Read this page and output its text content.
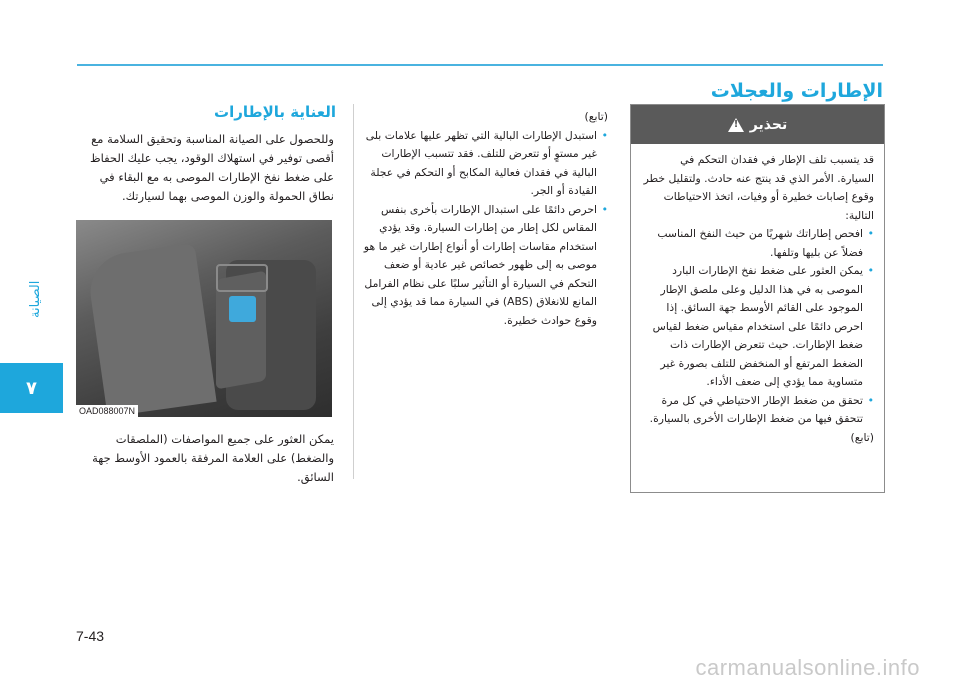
الإطارات والعجلات
الصيانة
٧
تحذير
!

قد يتسبب تلف الإطار في فقدان التحكم في السيارة. الأمر الذي قد ينتج عنه حادث. ولتقليل خطر وقوع إصابات خطيرة أو وفيات، اتخذ الاحتياطات التالية:

• افحص إطاراتك شهريًا من حيث النفخ المناسب فضلاً عن بليها وتلفها.
• يمكن العثور على ضغط نفخ الإطارات البارد الموصى به في هذا الدليل وعلى ملصق الإطار الموجود على القائم الأوسط جهة السائق. إذا احرص دائمًا على استخدام مقياس ضغط لقياس ضغط الإطارات. حيث تتعرض الإطارات ذات الضغط المرتفع أو المنخفض للتلف بصورة غير متساوية مما يؤدي إلى ضعف الأداء.
• تحقق من ضغط الإطار الاحتياطي في كل مرة تتحقق فيها من ضغط الإطارات الأخرى بالسيارة.

(تابع)

(تابع)

• استبدل الإطارات البالية التي تظهر عليها علامات بلى غير مستوٍ أو تتعرض للتلف. فقد تتسبب الإطارات البالية في فقدان فعالية المكابح أو التحكم في عجلة القيادة أو الجر.
• احرص دائمًا على استبدال الإطارات بأخرى بنفس المقاس لكل إطار من إطارات السيارة. وقد يؤدي استخدام مقاسات إطارات أو أنواع إطارات غير ما هو موصى به إلى ظهور خصائص غير عادية أو ضعف التحكم في السيارة أو التأثير سلبًا على نظام الفرامل المانع للانغلاق (ABS) في السيارة مما قد يؤدي إلى وقوع حوادث خطيرة.
العناية بالإطارات
وللحصول على الصيانة المناسبة وتحقيق السلامة مع أقصى توفير في استهلاك الوقود، يجب عليك الحفاظ على ضغط نفخ الإطارات الموصى به مع البقاء في نطاق الحمولة والوزن الموصى بهما لسيارتك.
OAD088007N
يمكن العثور على جميع المواصفات (الملصقات والضغط) على العلامة المرفقة بالعمود الأوسط جهة السائق.
7-43
carmanualsonline.info
